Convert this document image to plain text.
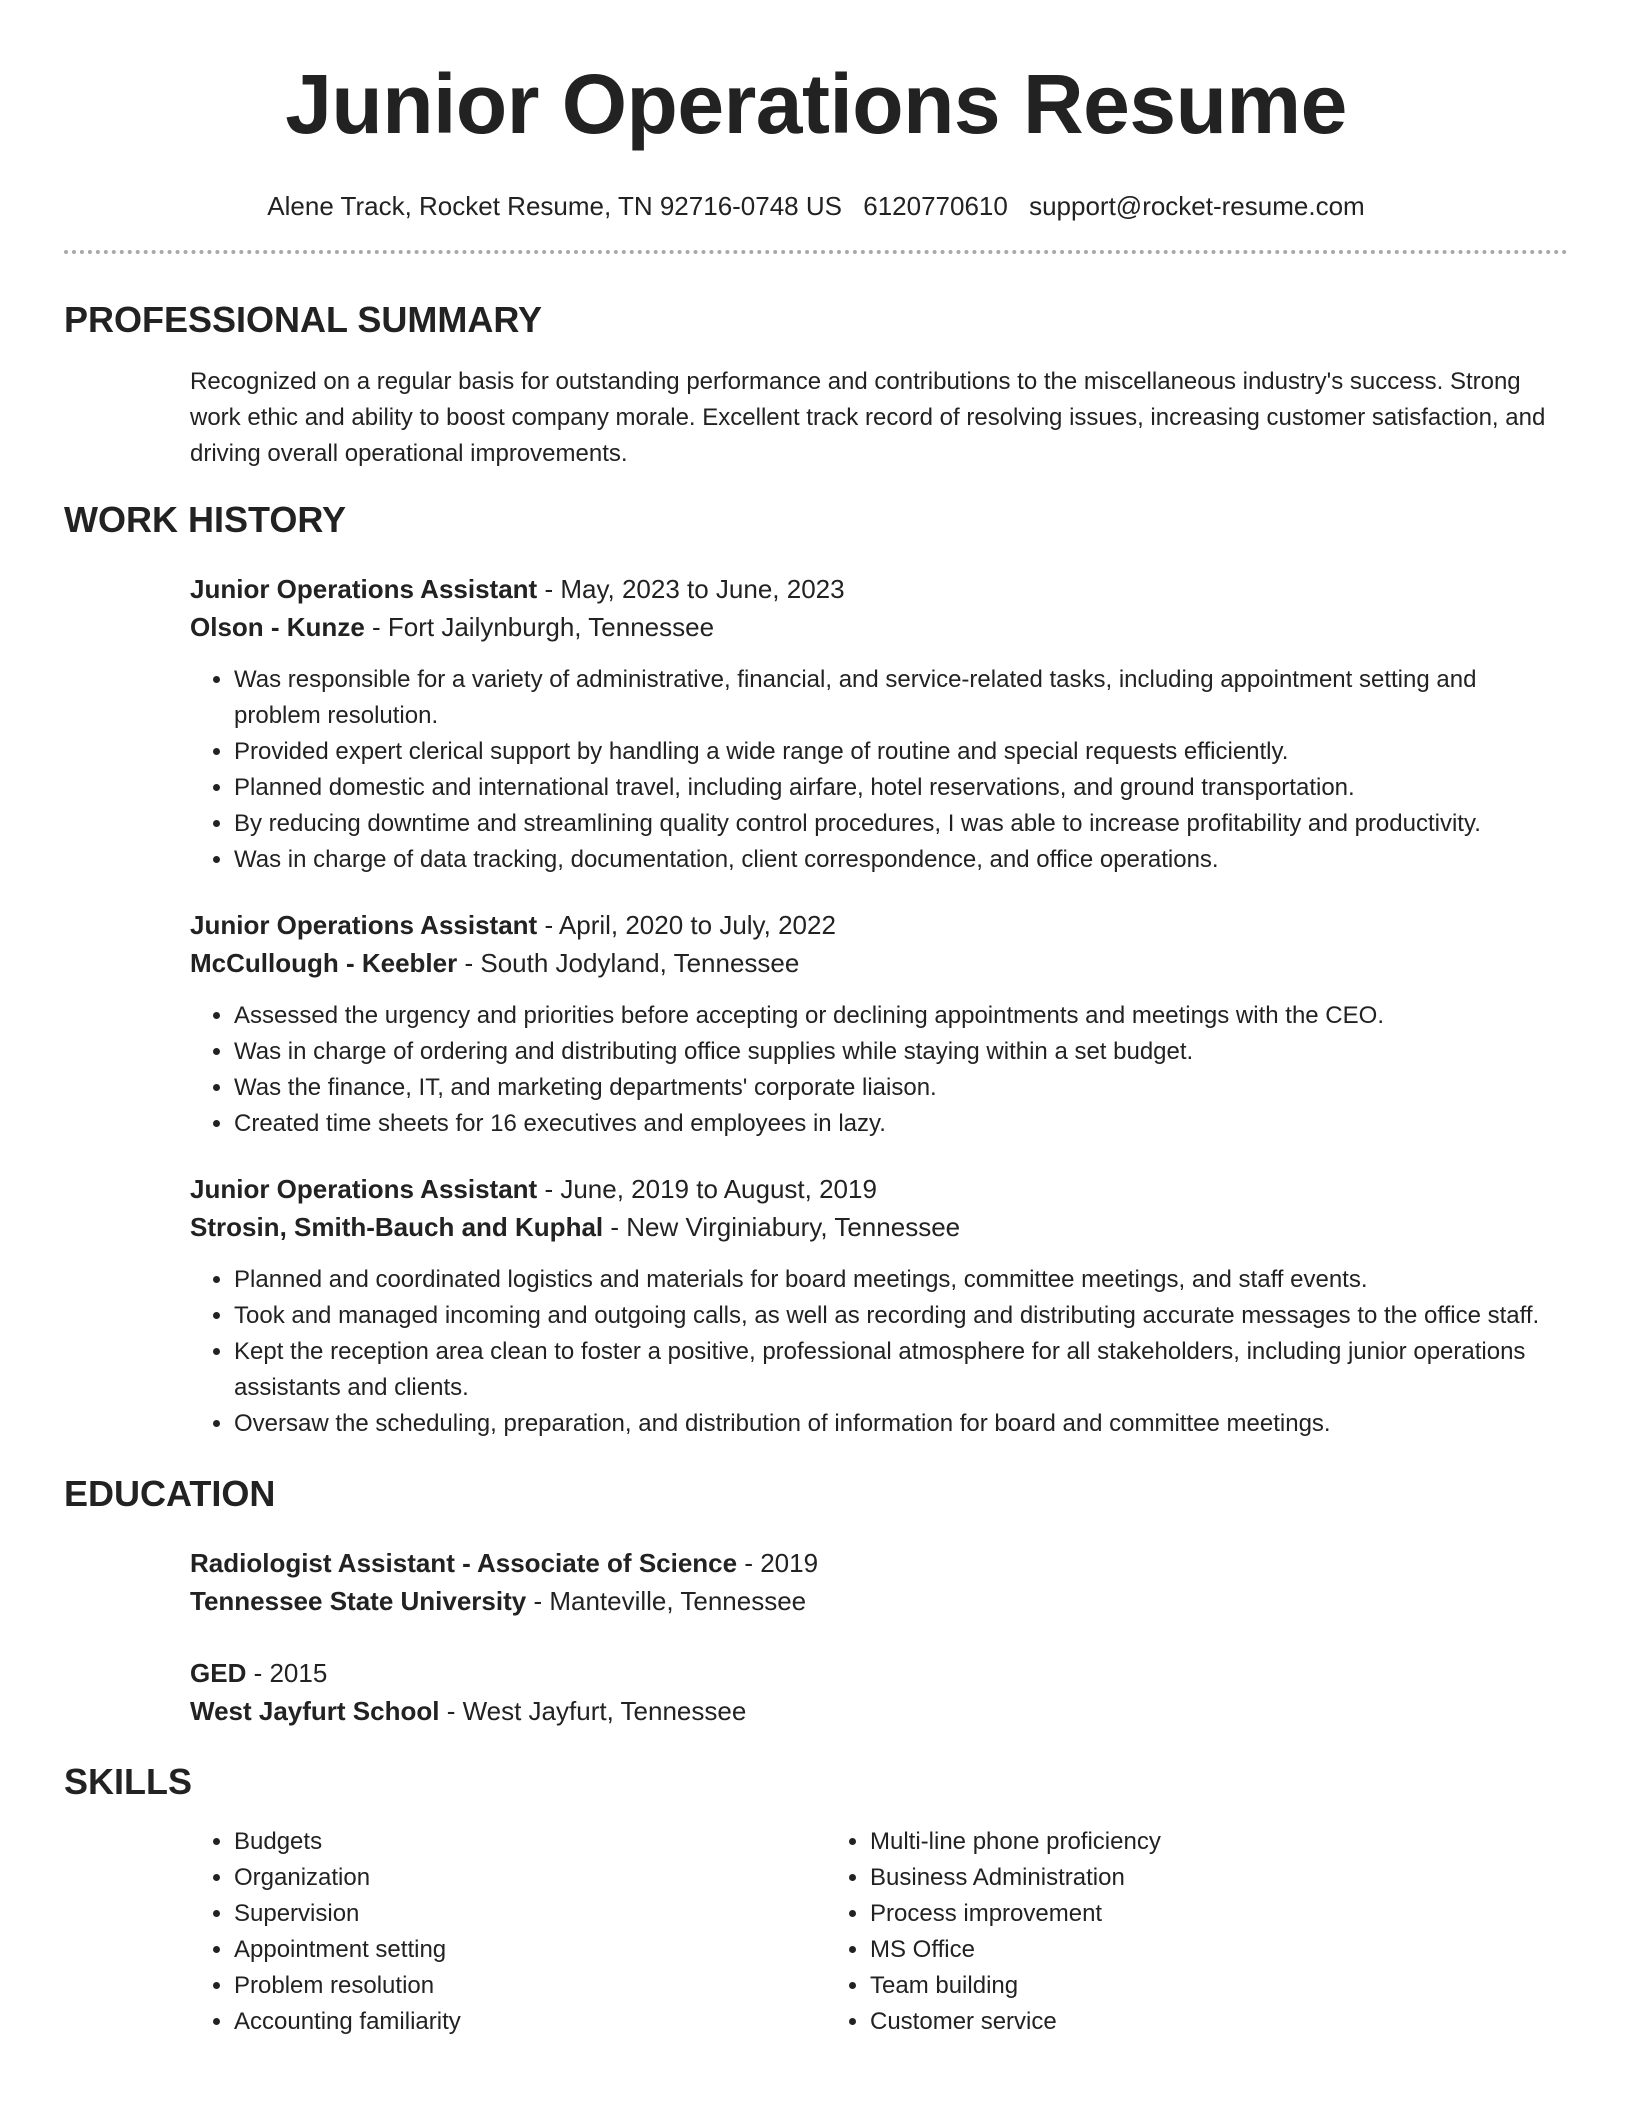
Junior Operations Resume
Alene Track, Rocket Resume, TN 92716-0748 US 6120770610 support@rocket-resume.com
PROFESSIONAL SUMMARY

Recognized on a regular basis for outstanding performance and contributions to the miscellaneous industry's success. Strong work ethic and ability to boost company morale. Excellent track record of resolving issues, increasing customer satisfaction, and driving overall operational improvements.

WORK HISTORY
Junior Operations Assistant - May, 2023 to June, 2023
Olson - Kunze - Fort Jailynburgh, Tennessee
• Was responsible for a variety of administrative, financial, and service-related tasks, including appointment setting and problem resolution.
• Provided expert clerical support by handling a wide range of routine and special requests efficiently.
• Planned domestic and international travel, including airfare, hotel reservations, and ground transportation.
• By reducing downtime and streamlining quality control procedures, I was able to increase profitability and productivity.
• Was in charge of data tracking, documentation, client correspondence, and office operations.
Junior Operations Assistant - April, 2020 to July, 2022
McCullough - Keebler - South Jodyland, Tennessee
• Assessed the urgency and priorities before accepting or declining appointments and meetings with the CEO.
• Was in charge of ordering and distributing office supplies while staying within a set budget.
• Was the finance, IT, and marketing departments' corporate liaison.
• Created time sheets for 16 executives and employees in lazy.
Junior Operations Assistant - June, 2019 to August, 2019
Strosin, Smith-Bauch and Kuphal - New Virginiabury, Tennessee
• Planned and coordinated logistics and materials for board meetings, committee meetings, and staff events.
• Took and managed incoming and outgoing calls, as well as recording and distributing accurate messages to the office staff.
• Kept the reception area clean to foster a positive, professional atmosphere for all stakeholders, including junior operations assistants and clients.
• Oversaw the scheduling, preparation, and distribution of information for board and committee meetings.
EDUCATION
Radiologist Assistant - Associate of Science - 2019
Tennessee State University - Manteville, Tennessee
GED - 2015
West Jayfurt School - West Jayfurt, Tennessee
SKILLS
• Budgets
• Organization
• Supervision
• Appointment setting
• Problem resolution
• Accounting familiarity
• Multi-line phone proficiency
• Business Administration
• Process improvement
• MS Office
• Team building
• Customer service
